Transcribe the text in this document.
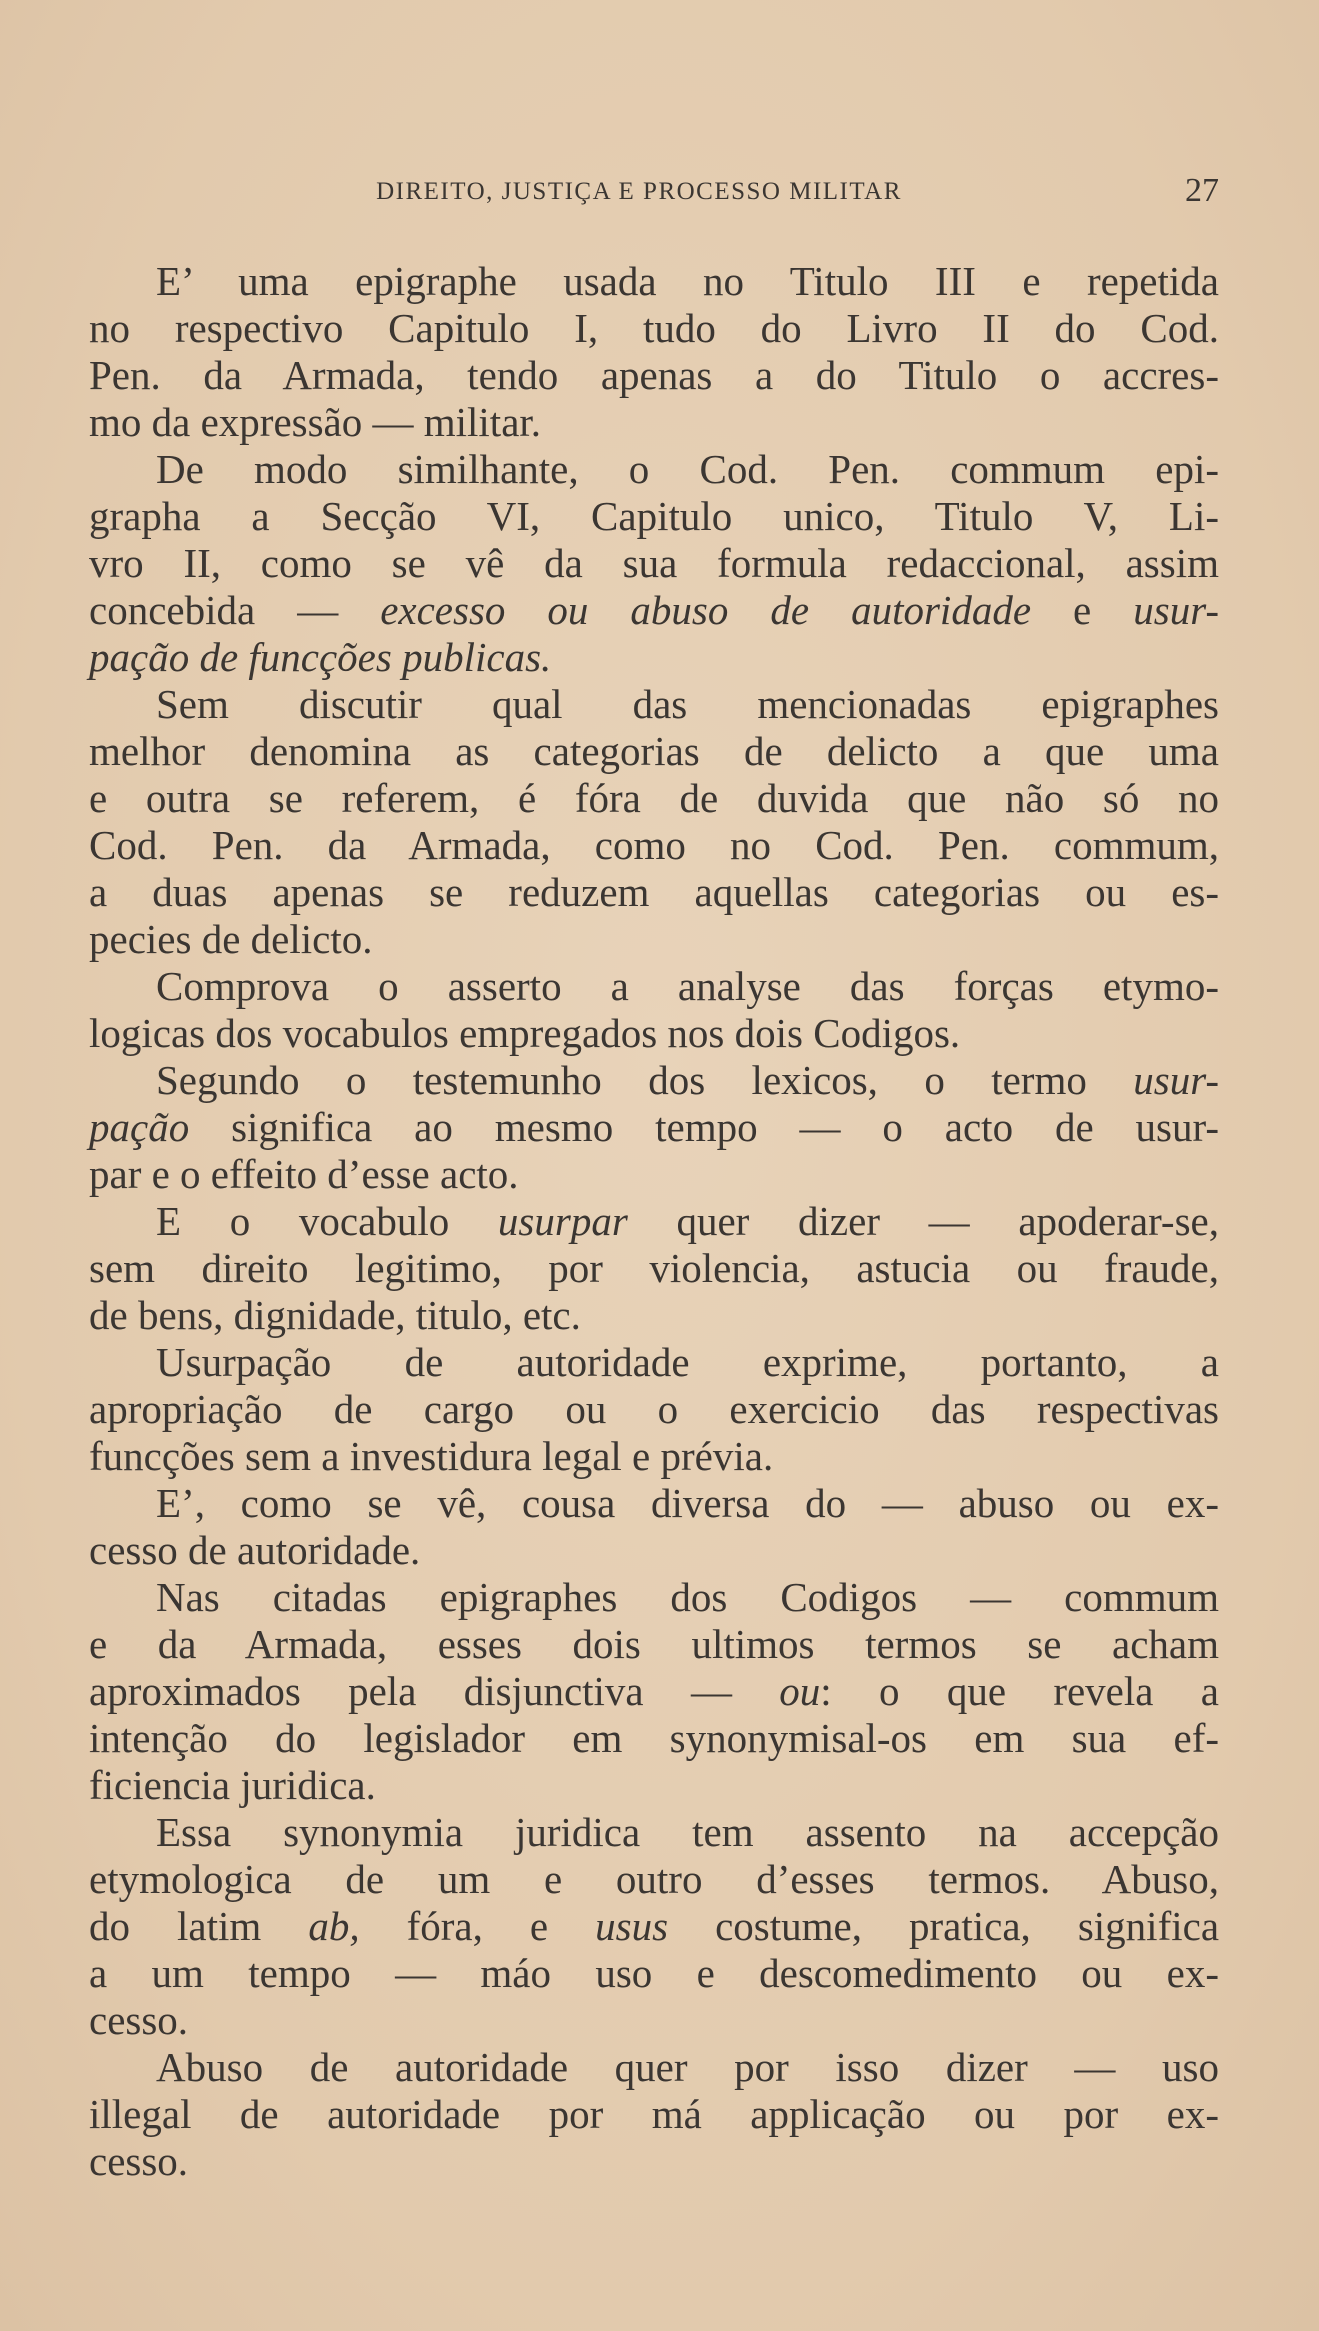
DIREITO, JUSTIÇA E PROCESSO MILITAR	27
E’ uma epigraphe usada no Titulo III e repetida
no respectivo Capitulo I, tudo do Livro II do Cod.
Pen. da Armada, tendo apenas a do Titulo o accres-
mo da expressão — militar.
De modo similhante, o Cod. Pen. commum epi-
grapha a Secção VI, Capitulo unico, Titulo V, Li-
vro II, como se vê da sua formula redaccional, assim
concebida — excesso ou abuso de autoridade e usur-
pação de funcções publicas.
Sem discutir qual das mencionadas epigraphes
melhor denomina as categorias de delicto a que uma
e outra se referem, é fóra de duvida que não só no
Cod. Pen. da Armada, como no Cod. Pen. commum,
a duas apenas se reduzem aquellas categorias ou es-
pecies de delicto.
Comprova o asserto a analyse das forças etymo-
logicas dos vocabulos empregados nos dois Codigos.
Segundo o testemunho dos lexicos, o termo usur-
pação significa ao mesmo tempo — o acto de usur-
par e o effeito d’esse acto.
E o vocabulo usurpar quer dizer — apoderar-se,
sem direito legitimo, por violencia, astucia ou fraude,
de bens, dignidade, titulo, etc.
Usurpação de autoridade exprime, portanto, a
apropriação de cargo ou o exercicio das respectivas
funcções sem a investidura legal e prévia.
E’, como se vê, cousa diversa do — abuso ou ex-
cesso de autoridade.
Nas citadas epigraphes dos Codigos — commum
e da Armada, esses dois ultimos termos se acham
aproximados pela disjunctiva — ou: o que revela a
intenção do legislador em synonymisal-os em sua ef-
ficiencia juridica.
Essa synonymia juridica tem assento na accepção
etymologica de um e outro d’esses termos. Abuso,
do latim ab, fóra, e usus costume, pratica, significa
a um tempo — máo uso e descomedimento ou ex-
cesso.
Abuso de autoridade quer por isso dizer — uso
illegal de autoridade por má applicação ou por ex-
cesso.
